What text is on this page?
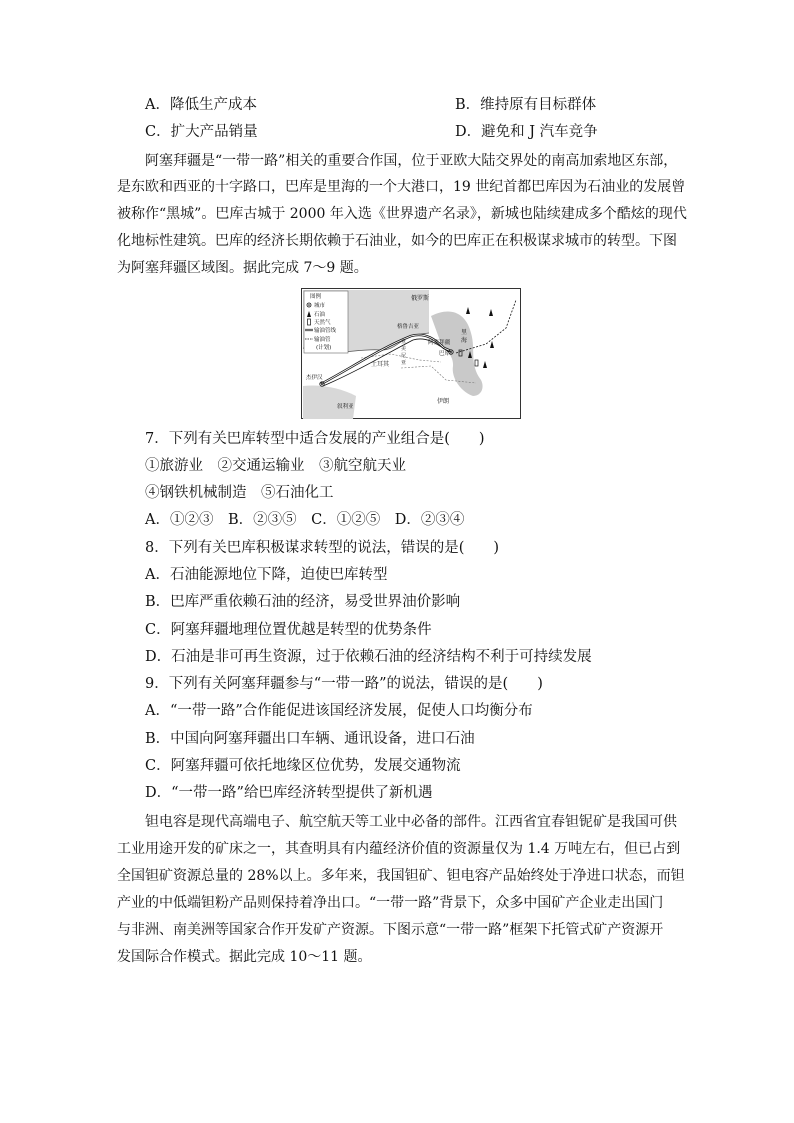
A．降低生产成本	B．维持原有目标群体
C．扩大产品销量	D．避免和 J 汽车竞争
阿塞拜疆是“一带一路”相关的重要合作国，位于亚欧大陆交界处的南高加索地区东部，
是东欧和西亚的十字路口，巴库是里海的一个大港口，19 世纪首都巴库因为石油业的发展曾
被称作“黑城”。巴库古城于 2000 年入选《世界遗产名录》，新城也陆续建成多个酷炫的现代
化地标性建筑。巴库的经济长期依赖于石油业，如今的巴库正在积极谋求城市的转型。下图
为阿塞拜疆区域图。据此完成 7～9 题。
图例
城市
石油
天然气
输油管线
输油管
(计划)
俄罗斯
里
海
格鲁吉亚
亚
美
尼
亚
阿塞拜疆
巴库
土耳其
杰伊汉
叙利亚
伊朗
7．下列有关巴库转型中适合发展的产业组合是(　　)
①旅游业　②交通运输业　③航空航天业
④钢铁机械制造　⑤石油化工
A．①②③　B．②③⑤　C．①②⑤　D．②③④
8．下列有关巴库积极谋求转型的说法，错误的是(　　)
A．石油能源地位下降，迫使巴库转型
B．巴库严重依赖石油的经济，易受世界油价影响
C．阿塞拜疆地理位置优越是转型的优势条件
D．石油是非可再生资源，过于依赖石油的经济结构不利于可持续发展
9．下列有关阿塞拜疆参与“一带一路”的说法，错误的是(　　)
A．“一带一路”合作能促进该国经济发展，促使人口均衡分布
B．中国向阿塞拜疆出口车辆、通讯设备，进口石油
C．阿塞拜疆可依托地缘区位优势，发展交通物流
D．“一带一路”给巴库经济转型提供了新机遇
钽电容是现代高端电子、航空航天等工业中必备的部件。江西省宜春钽铌矿是我国可供
工业用途开发的矿床之一，其查明具有内蕴经济价值的资源量仅为 1.4 万吨左右，但已占到
全国钽矿资源总量的 28%以上。多年来，我国钽矿、钽电容产品始终处于净进口状态，而钽
产业的中低端钽粉产品则保持着净出口。“一带一路”背景下，众多中国矿产企业走出国门
与非洲、南美洲等国家合作开发矿产资源。下图示意“一带一路”框架下托管式矿产资源开
发国际合作模式。据此完成 10～11 题。
